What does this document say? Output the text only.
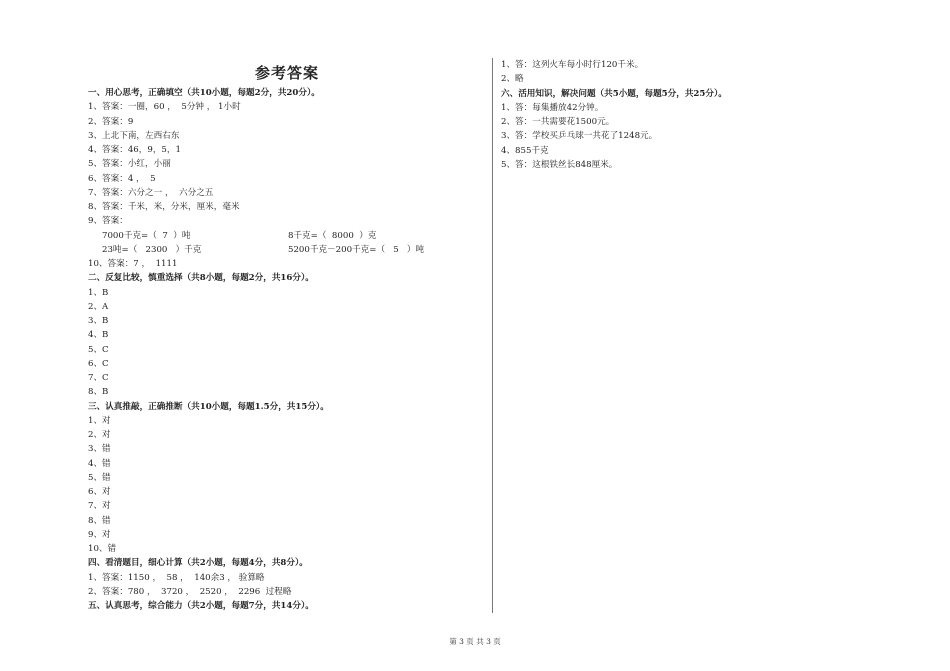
参考答案
一、用心思考，正确填空（共10小题，每题2分，共20分）。
1、答案：一圈，60 ，  5分钟 ， 1小时
2、答案：9
3、上北下南，左西右东
4、答案：46，9，5，1
5、答案：小红，小丽
6、答案：4 ，  5
7、答案：六分之一 ，  六分之五
8、答案：千米，米，分米，厘米，毫米
9、答案：
7000千克=（  7  ）吨	8千克=（  8000  ）克
23吨=（   2300   ）千克	5200千克－200千克=（   5   ）吨
10、答案：7 ，  1111
二、反复比较，慎重选择（共8小题，每题2分，共16分）。
1、B
2、A
3、B
4、B
5、C
6、C
7、C
8、B
三、认真推敲，正确推断（共10小题，每题1.5分，共15分）。
1、对
2、对
3、错
4、错
5、错
6、对
7、对
8、错
9、对
10、错
四、看清题目，细心计算（共2小题，每题4分，共8分）。
1、答案：1150 ，  58 ，  140余3 ， 验算略
2、答案：780 ，  3720 ，  2520 ，  2296  过程略
五、认真思考，综合能力（共2小题，每题7分，共14分）。
1、答：这列火车每小时行120千米。
2、略
六、活用知识，解决问题（共5小题，每题5分，共25分）。
1、答：每集播放42分钟。
2、答：一共需要花1500元。
3、答：学校买乒乓球一共花了1248元。
4、855千克
5、答：这根铁丝长848厘米。
第 3 页 共 3 页
